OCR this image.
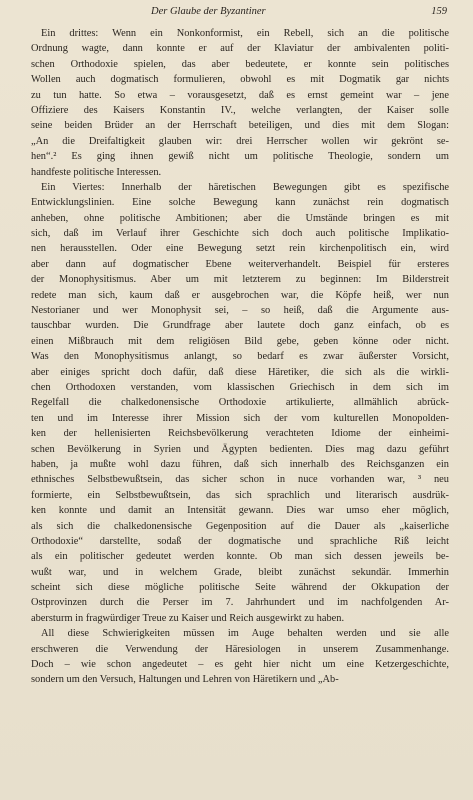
Der Glaube der Byzantiner	159
Ein drittes: Wenn ein Nonkonformist, ein Rebell, sich an die politische
Ordnung wagte, dann konnte er auf der Klaviatur der ambivalenten politi-
schen Orthodoxie spielen, das aber bedeutete, er konnte sein politisches
Wollen auch dogmatisch formulieren, obwohl es mit Dogmatik gar nichts
zu tun hatte. So etwa – vorausgesetzt, daß es ernst gemeint war – jene
Offiziere des Kaisers Konstantin IV., welche verlangten, der Kaiser solle
seine beiden Brüder an der Herrschaft beteiligen, und dies mit dem Slogan:
„An die Dreifaltigkeit glauben wir: drei Herrscher wollen wir gekrönt se-
hen“.² Es ging ihnen gewiß nicht um politische Theologie, sondern um
handfeste politische Interessen.
Ein Viertes: Innerhalb der häretischen Bewegungen gibt es spezifische
Entwicklungslinien. Eine solche Bewegung kann zunächst rein dogmatisch
anheben, ohne politische Ambitionen; aber die Umstände bringen es mit
sich, daß im Verlauf ihrer Geschichte sich doch auch politische Implikatio-
nen herausstellen. Oder eine Bewegung setzt rein kirchenpolitisch ein, wird
aber dann auf dogmatischer Ebene weiterverhandelt. Beispiel für ersteres
der Monophysitismus. Aber um mit letzterem zu beginnen: Im Bilderstreit
redete man sich, kaum daß er ausgebrochen war, die Köpfe heiß, wer nun
Nestorianer und wer Monophysit sei, – so heiß, daß die Argumente aus-
tauschbar wurden. Die Grundfrage aber lautete doch ganz einfach, ob es
einen Mißbrauch mit dem religiösen Bild gebe, geben könne oder nicht.
Was den Monophysitismus anlangt, so bedarf es zwar äußerster Vorsicht,
aber einiges spricht doch dafür, daß diese Häretiker, die sich als die wirkli-
chen Orthodoxen verstanden, vom klassischen Griechisch in dem sich im
Regelfall die chalkedonensische Orthodoxie artikulierte, allmählich abrück-
ten und im Interesse ihrer Mission sich der vom kulturellen Monopolden-
ken der hellenisierten Reichsbevölkerung verachteten Idiome der einheimi-
schen Bevölkerung in Syrien und Ägypten bedienten. Dies mag dazu geführt
haben, ja mußte wohl dazu führen, daß sich innerhalb des Reichsganzen ein
ethnisches Selbstbewußtsein, das sicher schon in nuce vorhanden war, ³ neu
formierte, ein Selbstbewußtsein, das sich sprachlich und literarisch ausdrük-
ken konnte und damit an Intensität gewann. Dies war umso eher möglich,
als sich die chalkedonensische Gegenposition auf die Dauer als „kaiserliche
Orthodoxie“ darstellte, sodaß der dogmatische und sprachliche Riß leicht
als ein politischer gedeutet werden konnte. Ob man sich dessen jeweils be-
wußt war, und in welchem Grade, bleibt zunächst sekundär. Immerhin
scheint sich diese mögliche politische Seite während der Okkupation der
Ostprovinzen durch die Perser im 7. Jahrhundert und im nachfolgenden Ar-
abersturm in fragwürdiger Treue zu Kaiser und Reich ausgewirkt zu haben.
All diese Schwierigkeiten müssen im Auge behalten werden und sie alle
erschweren die Verwendung der Häresiologen in unserem Zusammenhange.
Doch – wie schon angedeutet – es geht hier nicht um eine Ketzergeschichte,
sondern um den Versuch, Haltungen und Lehren von Häretikern und „Ab-
